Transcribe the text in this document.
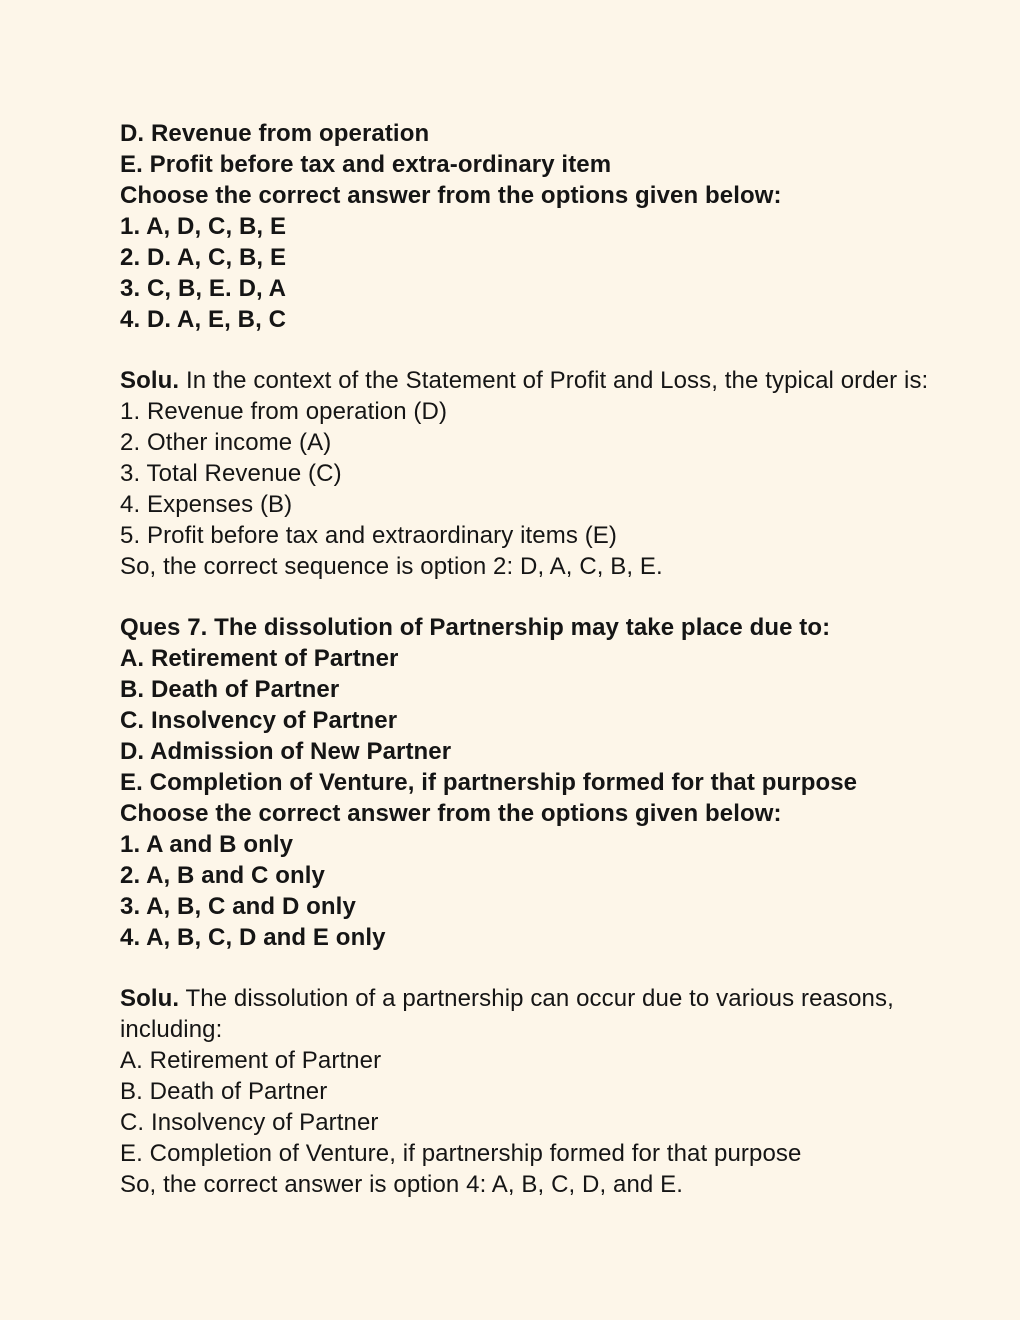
D. Revenue from operation
E. Profit before tax and extra-ordinary item
Choose the correct answer from the options given below:
1. A, D, C, B, E
2. D. A, C, B, E
3. C, B, E. D, A
4. D. A, E, B, C
Solu. In the context of the Statement of Profit and Loss, the typical order is:
1. Revenue from operation (D)
2. Other income (A)
3. Total Revenue (C)
4. Expenses (B)
5. Profit before tax and extraordinary items (E)
So, the correct sequence is option 2: D, A, C, B, E.
Ques 7. The dissolution of Partnership may take place due to:
A. Retirement of Partner
B. Death of Partner
C. Insolvency of Partner
D. Admission of New Partner
E. Completion of Venture, if partnership formed for that purpose
Choose the correct answer from the options given below:
1. A and B only
2. A, B and C only
3. A, B, C and D only
4. A, B, C, D and E only
Solu. The dissolution of a partnership can occur due to various reasons,
including:
A. Retirement of Partner
B. Death of Partner
C. Insolvency of Partner
E. Completion of Venture, if partnership formed for that purpose
So, the correct answer is option 4: A, B, C, D, and E.
